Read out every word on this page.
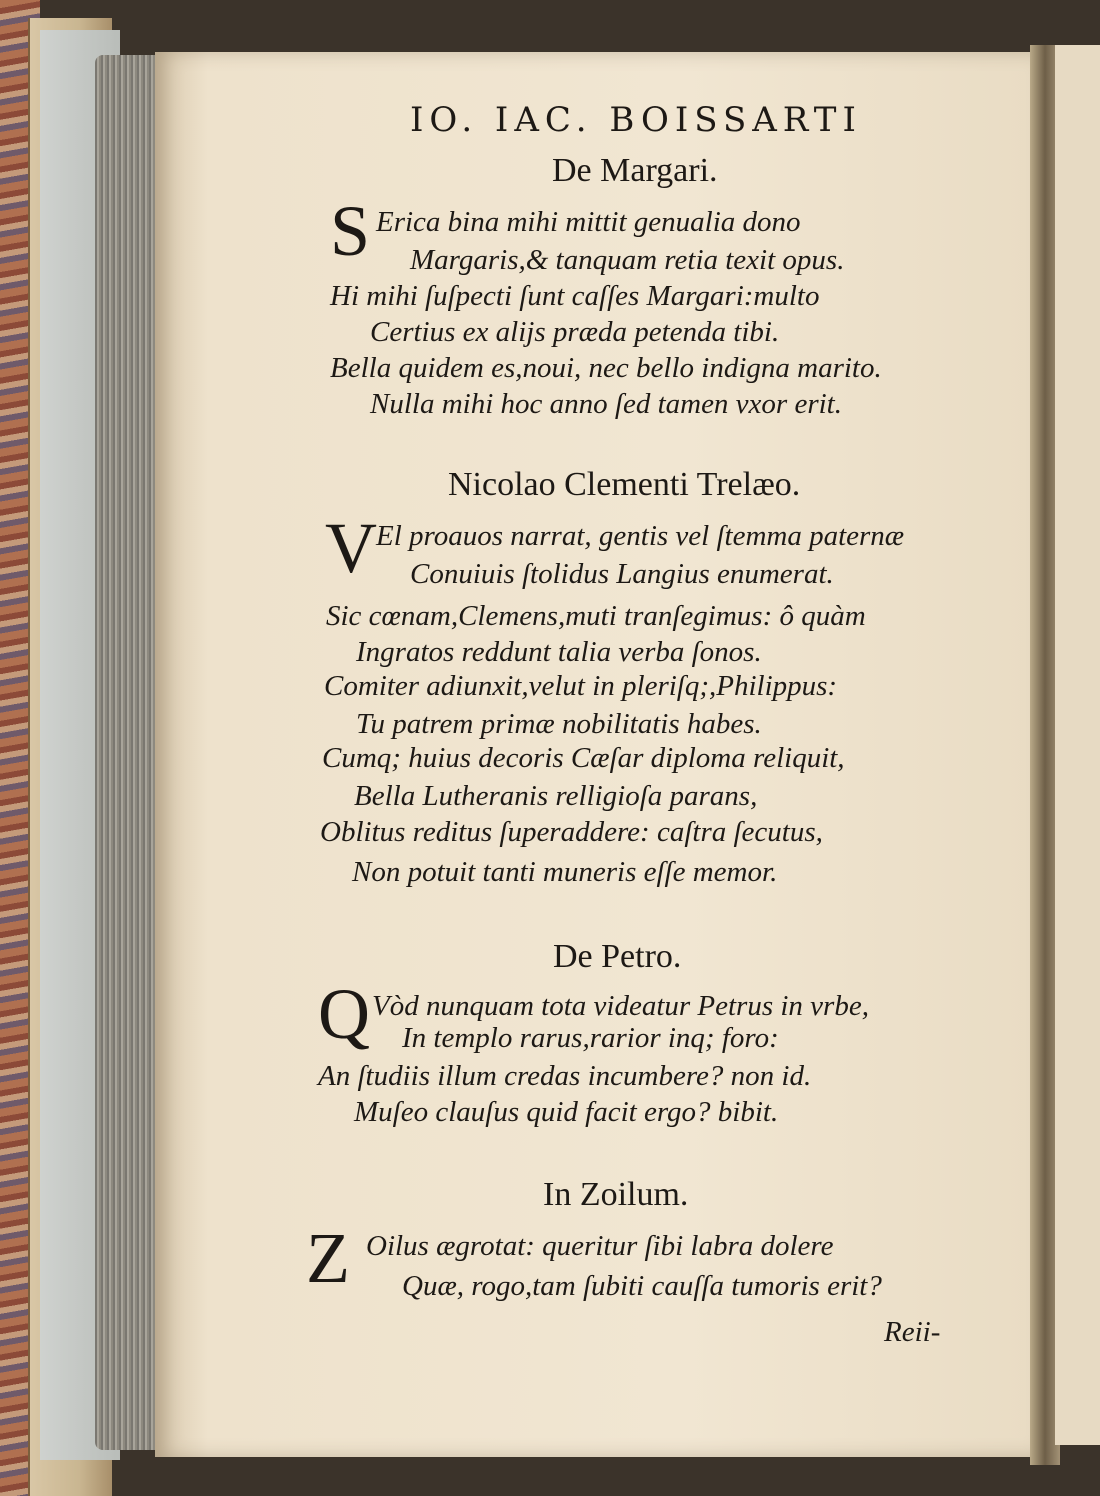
IO. IAC. BOISSARTI
De Margari.
S Erica bina mihi mittit genualia dono
Margaris,& tanquam retia texit opus.
Hi mihi ſuſpecti ſunt caſſes Margari:multo
Certius ex alijs præda petenda tibi.
Bella quidem es,noui, nec bello indigna marito.
Nulla mihi hoc anno ſed tamen vxor erit.
Nicolao Clementi Trelæo.
V El proauos narrat, gentis vel ſtemma paternæ
Conuiuis ſtolidus Langius enumerat.
Sic cœnam,Clemens,muti tranſegimus: ô quàm
Ingratos reddunt talia verba ſonos.
Comiter adiunxit,velut in pleriſq;,Philippus:
Tu patrem primæ nobilitatis habes.
Cumq; huius decoris Cæſar diploma reliquit,
Bella Lutheranis relligioſa parans,
Oblitus reditus ſuperaddere: caſtra ſecutus,
Non potuit tanti muneris eſſe memor.
De Petro.
Q Vòd nunquam tota videatur Petrus in vrbe,
In templo rarus,rarior inq; foro:
An ſtudiis illum credas incumbere? non id.
Muſeo clauſus quid facit ergo? bibit.
In Zoilum.
Z Oilus ægrotat: queritur ſibi labra dolere
Quæ, rogo,tam ſubiti cauſſa tumoris erit?
Reii-
